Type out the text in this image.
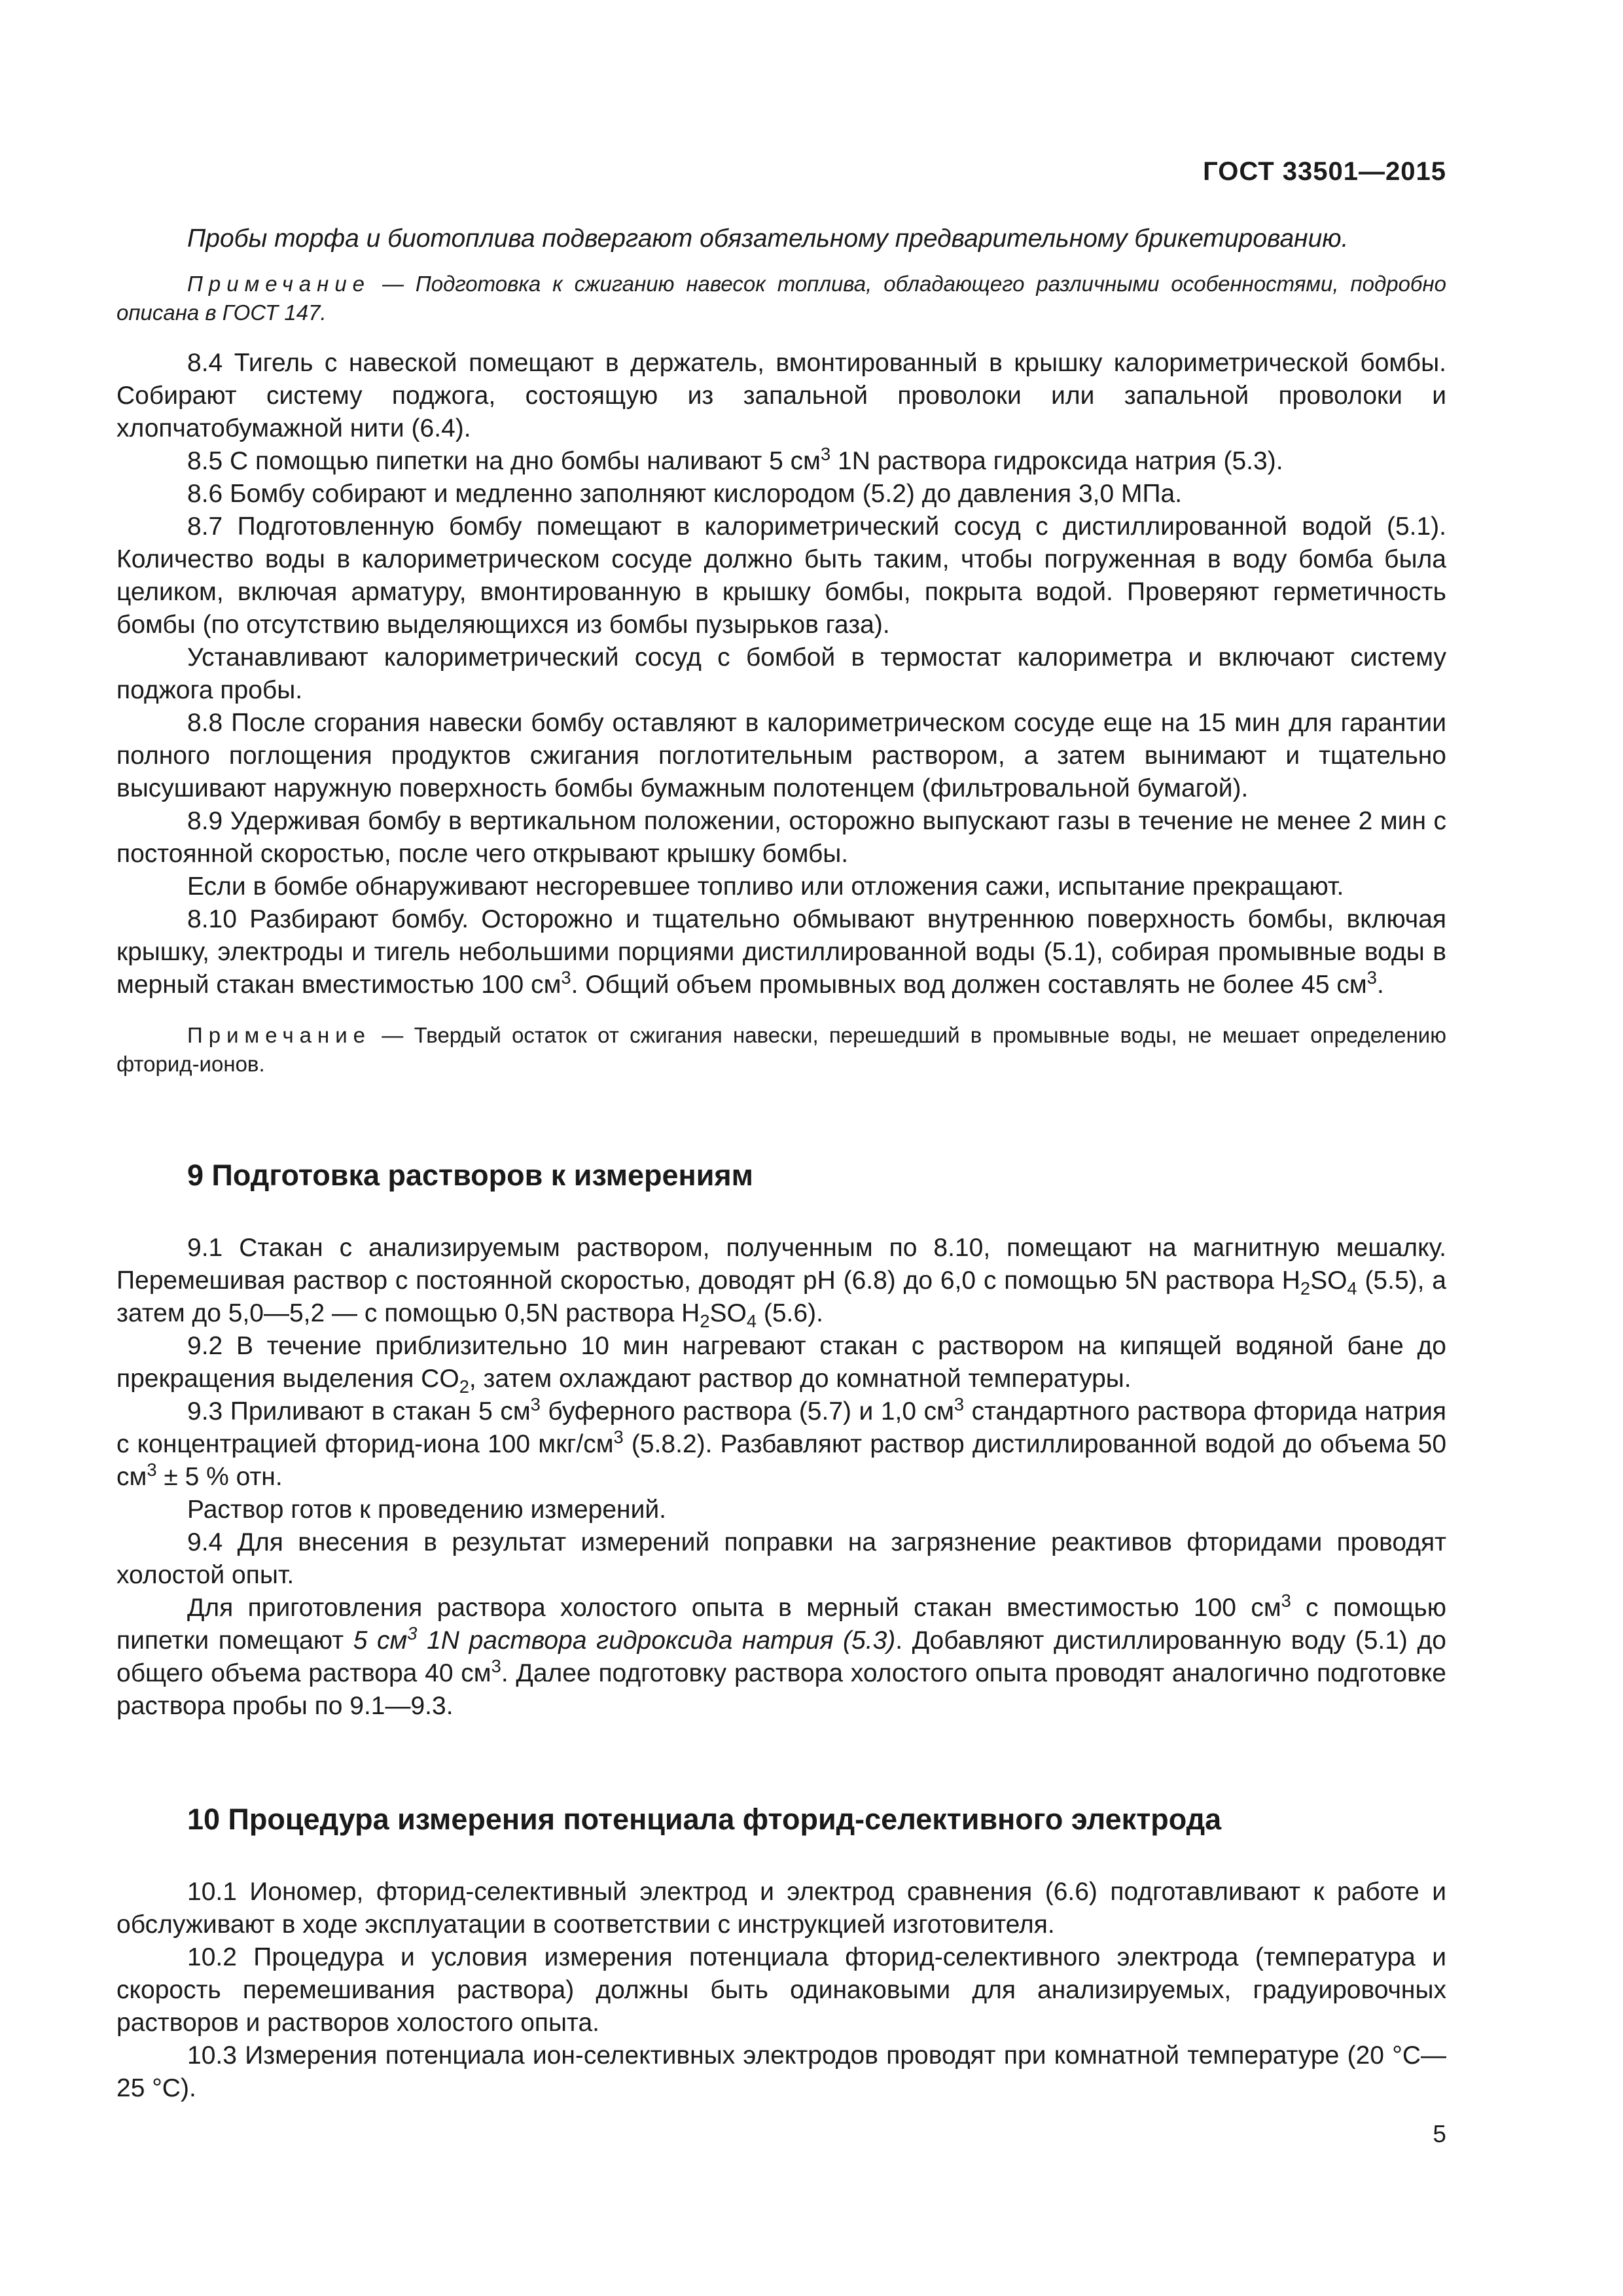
ГОСТ 33501—2015

Пробы торфа и биотоплива подвергают обязательному предварительному брикетированию.

Примечание — Подготовка к сжиганию навесок топлива, обладающего различными особенностями, подробно описана в ГОСТ 147.

8.4 Тигель с навеской помещают в держатель, вмонтированный в крышку калориметрической бомбы. Собирают систему поджога, состоящую из запальной проволоки или запальной проволоки и хлопчатобумажной нити (6.4).

8.5 С помощью пипетки на дно бомбы наливают 5 $см^3$ 1N раствора гидроксида натрия (5.3).

8.6 Бомбу собирают и медленно заполняют кислородом (5.2) до давления 3,0 МПа.

8.7 Подготовленную бомбу помещают в калориметрический сосуд с дистиллированной водой (5.1). Количество воды в калориметрическом сосуде должно быть таким, чтобы погруженная в воду бомба была целиком, включая арматуру, вмонтированную в крышку бомбы, покрыта водой. Проверяют герметичность бомбы (по отсутствию выделяющихся из бомбы пузырьков газа).

Устанавливают калориметрический сосуд с бомбой в термостат калориметра и включают систему поджога пробы.

8.8 После сгорания навески бомбу оставляют в калориметрическом сосуде еще на 15 мин для гарантии полного поглощения продуктов сжигания поглотительным раствором, а затем вынимают и тщательно высушивают наружную поверхность бомбы бумажным полотенцем (фильтровальной бумагой).

8.9 Удерживая бомбу в вертикальном положении, осторожно выпускают газы в течение не менее 2 мин с постоянной скоростью, после чего открывают крышку бомбы.

Если в бомбе обнаруживают несгоревшее топливо или отложения сажи, испытание прекращают.

8.10 Разбирают бомбу. Осторожно и тщательно обмывают внутреннюю поверхность бомбы, включая крышку, электроды и тигель небольшими порциями дистиллированной воды (5.1), собирая промывные воды в мерный стакан вместимостью 100 $см^3$. Общий объем промывных вод должен составлять не более 45 $см^3$.

Примечание — Твердый остаток от сжигания навески, перешедший в промывные воды, не мешает определению фторид-ионов.

9 Подготовка растворов к измерениям

9.1 Стакан с анализируемым раствором, полученным по 8.10, помещают на магнитную мешалку. Перемешивая раствор с постоянной скоростью, доводят pH (6.8) до 6,0 с помощью 5N раствора $H_2SO_4$ (5.5), а затем до 5,0—5,2 — с помощью 0,5N раствора $H_2SO_4$ (5.6).

9.2 В течение приблизительно 10 мин нагревают стакан с раствором на кипящей водяной бане до прекращения выделения $CO_2$, затем охлаждают раствор до комнатной температуры.

9.3 Приливают в стакан 5 $см^3$ буферного раствора (5.7) и 1,0 $см^3$ стандартного раствора фторида натрия с концентрацией фторид-иона 100 мкг/$см^3$ (5.8.2). Разбавляют раствор дистиллированной водой до объема 50 $см^3 \pm 5$ % отн.

Раствор готов к проведению измерений.

9.4 Для внесения в результат измерений поправки на загрязнение реактивов фторидами проводят холостой опыт.

Для приготовления раствора холостого опыта в мерный стакан вместимостью 100 $см^3$ с помощью пипетки помещают 5 $см^3$ 1N раствора гидроксида натрия (5.3). Добавляют дистиллированную воду (5.1) до общего объема раствора 40 $см^3$. Далее подготовку раствора холостого опыта проводят аналогично подготовке раствора пробы по 9.1—9.3.

10 Процедура измерения потенциала фторид-селективного электрода

10.1 Иономер, фторид-селективный электрод и электрод сравнения (6.6) подготавливают к работе и обслуживают в ходе эксплуатации в соответствии с инструкцией изготовителя.

10.2 Процедура и условия измерения потенциала фторид-селективного электрода (температура и скорость перемешивания раствора) должны быть одинаковыми для анализируемых, градуировочных растворов и растворов холостого опыта.

10.3 Измерения потенциала ион-селективных электродов проводят при комнатной температуре (20 °С—25 °С).

5
